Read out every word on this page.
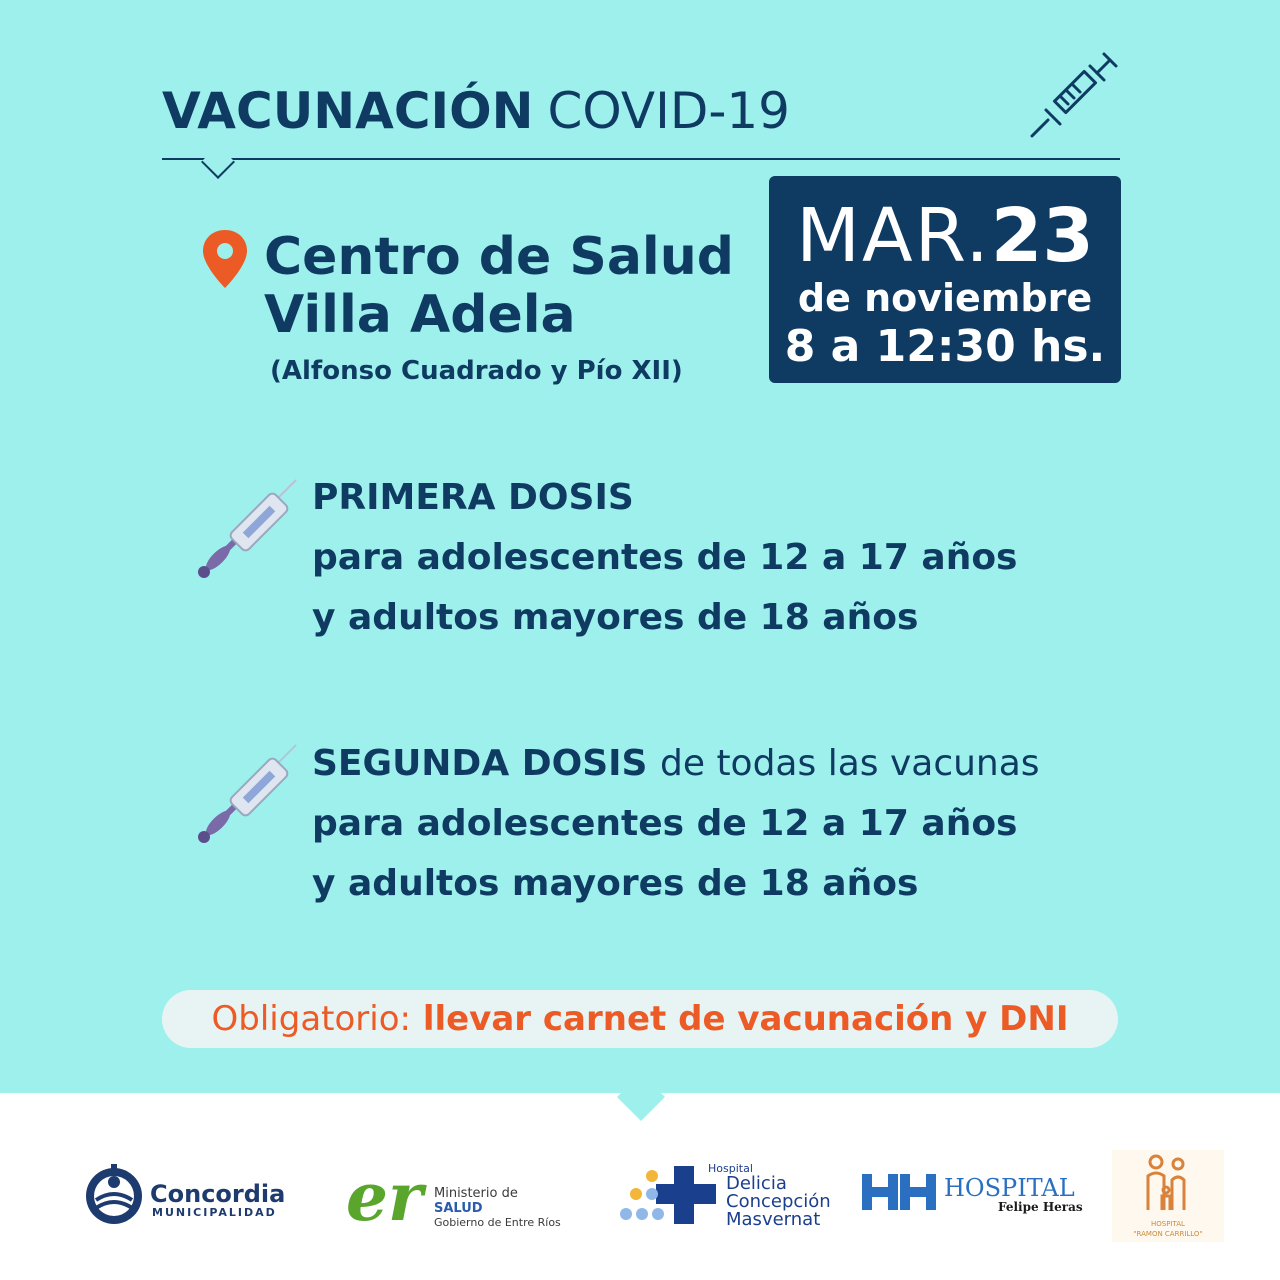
VACUNACIÓN COVID-19
Centro de Salud
Villa Adela
(Alfonso Cuadrado y Pío XII)
MAR.23
de noviembre
8 a 12:30 hs.
PRIMERA DOSIS
para adolescentes de 12 a 17 años
y adultos mayores de 18 años
SEGUNDA DOSIS de todas las vacunas
para adolescentes de 12 a 17 años
y adultos mayores de 18 años
Obligatorio: llevar carnet de vacunación y DNI
Concordia
MUNICIPALIDAD er Ministerio de
SALUD
Gobierno de Entre Ríos
Hospital
Delicia
Concepción
Masvernat
HOSPITAL
Felipe Heras
HOSPITAL
"RAMON CARRILLO"
